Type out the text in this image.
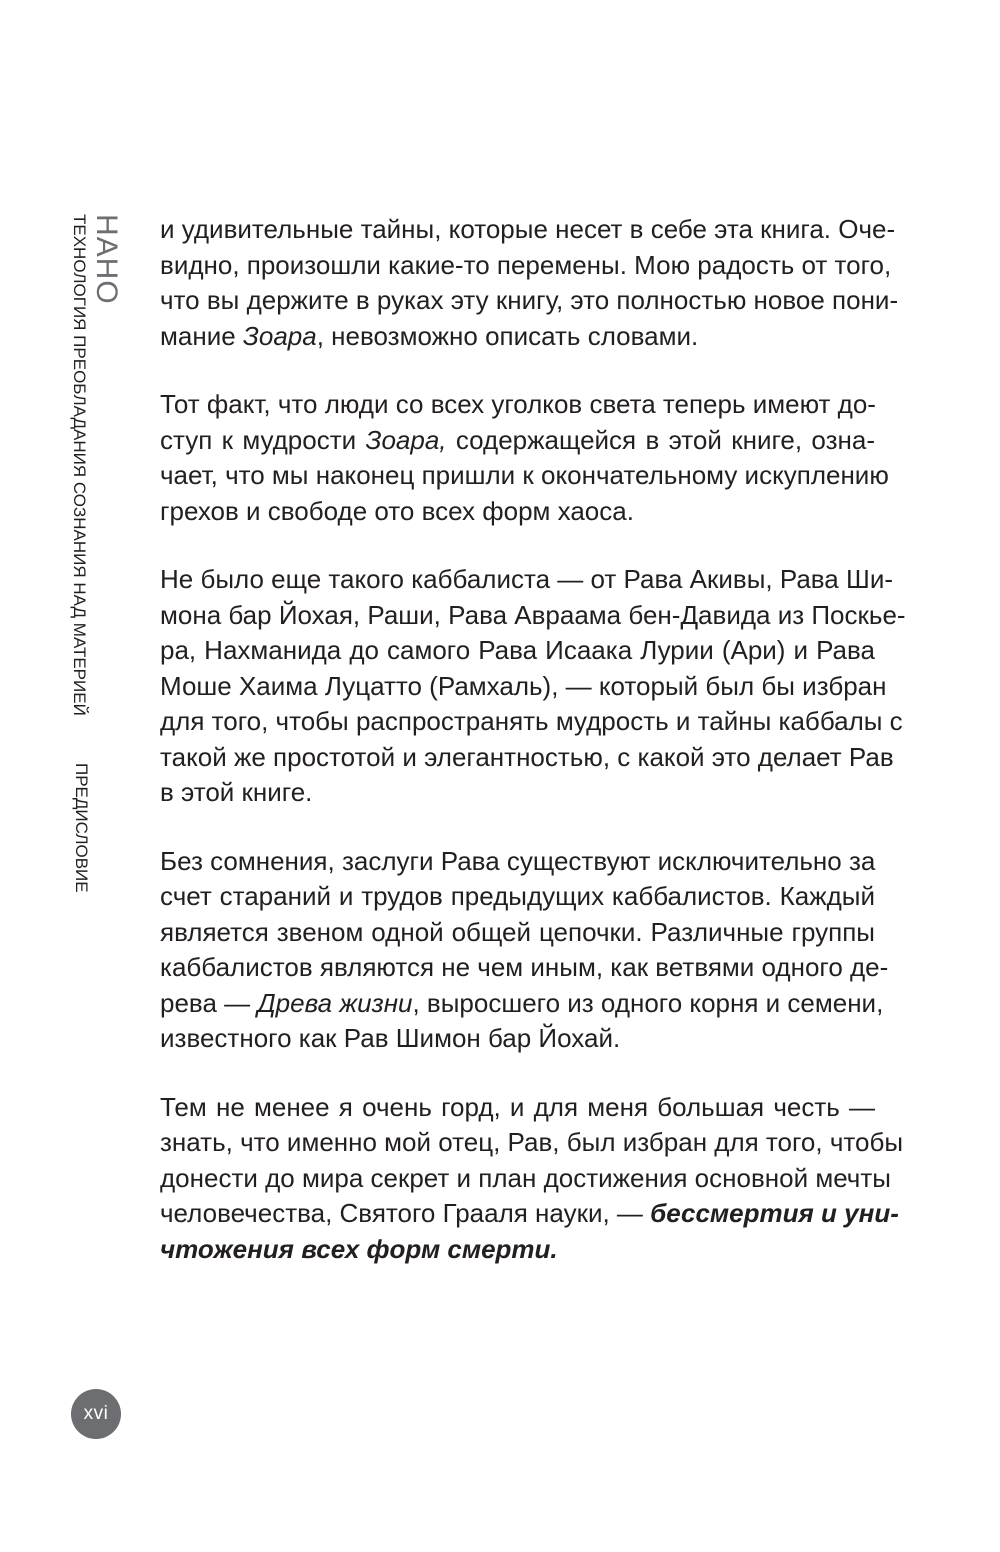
НАНО
ТЕХНОЛОГИЯ ПРЕОБЛАДАНИЯ СОЗНАНИЯ НАД МАТЕРИЕЙ
ПРЕДИСЛОВИЕ

и удивительные тайны, которые несет в себе эта книга. Оче-
видно, произошли какие-то перемены. Мою радость от того,
что вы держите в руках эту книгу, это полностью новое пони-
мание Зоара, невозможно описать словами.

Тот факт, что люди со всех уголков света теперь имеют до-
ступ к мудрости Зоара, содержащейся в этой книге, озна-
чает, что мы наконец пришли к окончательному искуплению
грехов и свободе ото всех форм хаоса.

Не было еще такого каббалиста — от Рава Акивы, Рава Ши-
мона бар Йохая, Раши, Рава Авраама бен-Давида из Поскье-
ра, Нахманида до самого Рава Исаака Лурии (Ари) и Рава
Моше Хаима Луцатто (Рамхаль), — который был бы избран
для того, чтобы распространять мудрость и тайны каббалы с
такой же простотой и элегантностью, с какой это делает Рав
в этой книге.

Без сомнения, заслуги Рава существуют исключительно за
счет стараний и трудов предыдущих каббалистов. Каждый
является звеном одной общей цепочки. Различные группы
каббалистов являются не чем иным, как ветвями одного де-
рева — Древа жизни, выросшего из одного корня и семени,
известного как Рав Шимон бар Йохай.

Тем не менее я очень горд, и для меня большая честь —
знать, что именно мой отец, Рав, был избран для того, чтобы
донести до мира секрет и план достижения основной мечты
человечества, Святого Грааля науки, — бессмертия и уни-
чтожения всех форм смерти.

xvi
